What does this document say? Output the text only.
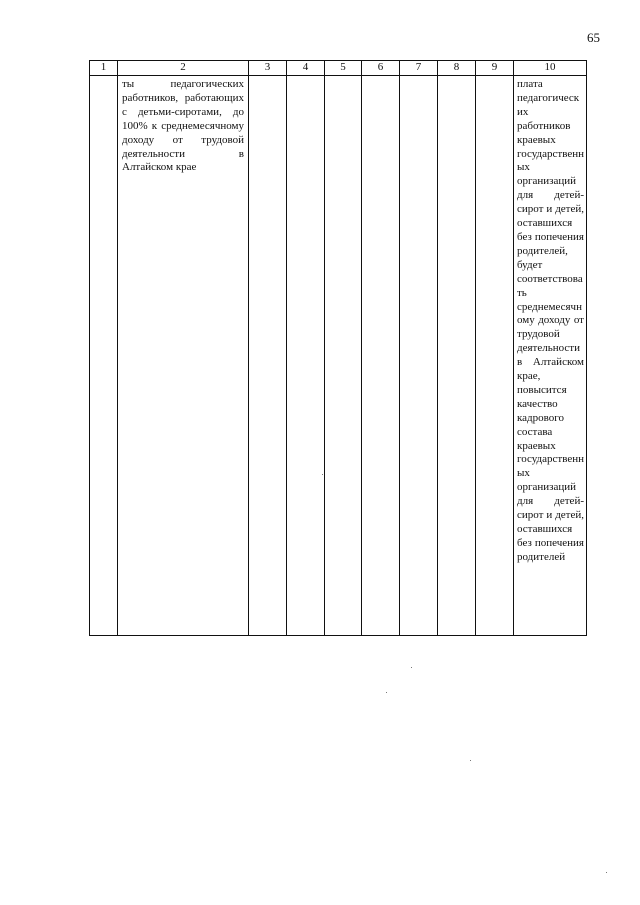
65
1	2	3	4	5	6	7	8	9	10

	ты педагогических работников, работающих с детьми-сиротами, до 100% к среднемесячному доходу от трудовой деятельности в Алтайском крае								плата педагогических работников краевых государственных организаций для детей-сирот и детей, оставшихся без попечения родителей, будет соответствовать среднемесячному доходу от трудовой деятельности в Алтайском крае, повысится качество кадрового состава краевых государственных организаций для детей-сирот и детей, оставшихся без попечения родителей
